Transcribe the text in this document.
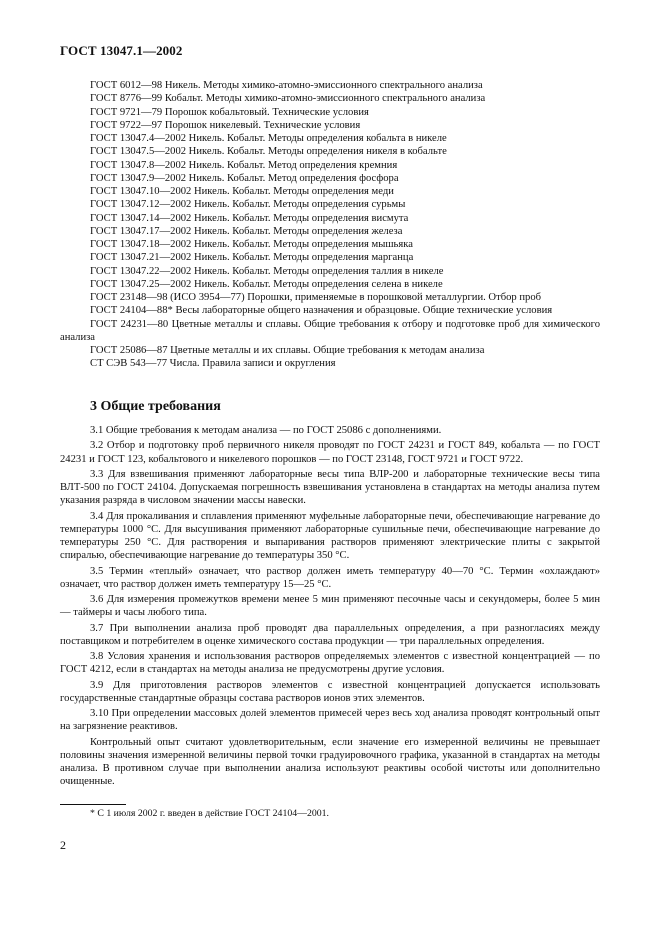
ГОСТ 13047.1—2002

ГОСТ 6012—98 Никель. Методы химико-атомно-эмиссионного спектрального анализа

ГОСТ 8776—99 Кобальт. Методы химико-атомно-эмиссионного спектрального анализа

ГОСТ 9721—79 Порошок кобальтовый. Технические условия

ГОСТ 9722—97 Порошок никелевый. Технические условия

ГОСТ 13047.4—2002 Никель. Кобальт. Методы определения кобальта в никеле

ГОСТ 13047.5—2002 Никель. Кобальт. Методы определения никеля в кобальте

ГОСТ 13047.8—2002 Никель. Кобальт. Метод определения кремния

ГОСТ 13047.9—2002 Никель. Кобальт. Метод определения фосфора

ГОСТ 13047.10—2002 Никель. Кобальт. Методы определения меди

ГОСТ 13047.12—2002 Никель. Кобальт. Методы определения сурьмы

ГОСТ 13047.14—2002 Никель. Кобальт. Методы определения висмута

ГОСТ 13047.17—2002 Никель. Кобальт. Методы определения железа

ГОСТ 13047.18—2002 Никель. Кобальт. Методы определения мышьяка

ГОСТ 13047.21—2002 Никель. Кобальт. Методы определения марганца

ГОСТ 13047.22—2002 Никель. Кобальт. Методы определения таллия в никеле

ГОСТ 13047.25—2002 Никель. Кобальт. Методы определения селена в никеле

ГОСТ 23148—98 (ИСО 3954—77) Порошки, применяемые в порошковой металлургии. Отбор проб

ГОСТ 24104—88* Весы лабораторные общего назначения и образцовые. Общие технические условия

ГОСТ 24231—80 Цветные металлы и сплавы. Общие требования к отбору и подготовке проб для химического анализа

ГОСТ 25086—87 Цветные металлы и их сплавы. Общие требования к методам анализа

СТ СЭВ 543—77 Числа. Правила записи и округления

3 Общие требования

3.1 Общие требования к методам анализа — по ГОСТ 25086 с дополнениями.

3.2 Отбор и подготовку проб первичного никеля проводят по ГОСТ 24231 и ГОСТ 849, кобальта — по ГОСТ 24231 и ГОСТ 123, кобальтового и никелевого порошков — по ГОСТ 23148, ГОСТ 9721 и ГОСТ 9722.

3.3 Для взвешивания применяют лабораторные весы типа ВЛР-200 и лабораторные технические весы типа ВЛТ-500 по ГОСТ 24104. Допускаемая погрешность взвешивания установлена в стандартах на методы анализа путем указания разряда в числовом значении массы навески.

3.4 Для прокаливания и сплавления применяют муфельные лабораторные печи, обеспечивающие нагревание до температуры 1000 °С. Для высушивания применяют лабораторные сушильные печи, обеспечивающие нагревание до температуры 250 °С. Для растворения и выпаривания растворов применяют электрические плиты с закрытой спиралью, обеспечивающие нагревание до температуры 350 °С.

3.5 Термин «теплый» означает, что раствор должен иметь температуру 40—70 °С. Термин «охлаждают» означает, что раствор должен иметь температуру 15—25 °С.

3.6 Для измерения промежутков времени менее 5 мин применяют песочные часы и секундомеры, более 5 мин — таймеры и часы любого типа.

3.7 При выполнении анализа проб проводят два параллельных определения, а при разногласиях между поставщиком и потребителем в оценке химического состава продукции — три параллельных определения.

3.8 Условия хранения и использования растворов определяемых элементов с известной концентрацией — по ГОСТ 4212, если в стандартах на методы анализа не предусмотрены другие условия.

3.9 Для приготовления растворов элементов с известной концентрацией допускается использовать государственные стандартные образцы состава растворов ионов этих элементов.

3.10 При определении массовых долей элементов примесей через весь ход анализа проводят контрольный опыт на загрязнение реактивов.

Контрольный опыт считают удовлетворительным, если значение его измеренной величины не превышает половины значения измеренной величины первой точки градуировочного графика, указанной в стандартах на методы анализа. В противном случае при выполнении анализа используют реактивы особой чистоты или дополнительно очищенные.

* С 1 июля 2002 г. введен в действие ГОСТ 24104—2001.
2
